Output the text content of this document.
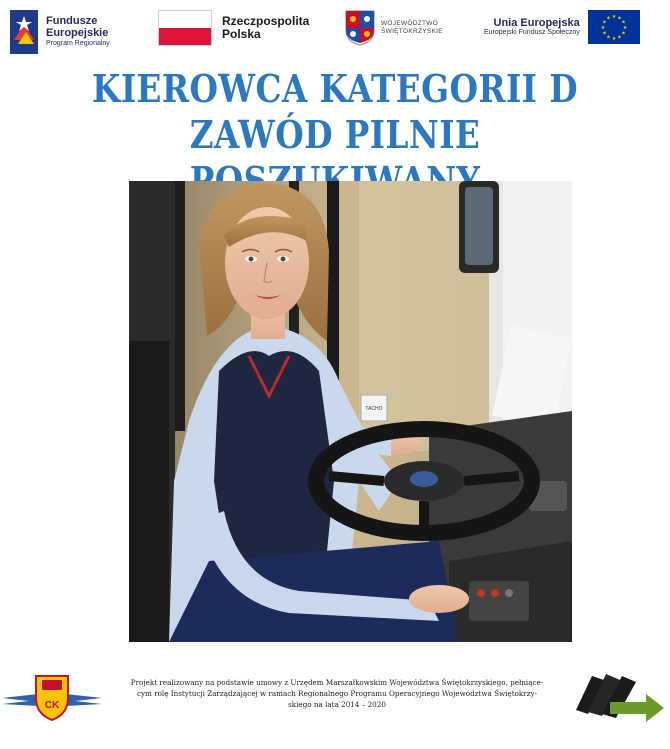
Fundusze
Europejskie
Program Regionalny
Rzeczpospolita
Polska
WOJEWÓDZTWO
ŚWIĘTOKRZYSKIE
Unia Europejska
Europejski Fundusz Społeczny
★
★
★
★
★
★
★
★
★ ★ ★
★
KIEROWCA KATEGORII D
ZAWÓD PILNIE
TACHO
CK
Projekt realizowany na podstawie umowy z Urzędem Marszałkowskim Województwa Świętokrzyskiego, pełniące-
cym rolę Instytucji Zarządzającej w ramach Regionalnego Programu Operacyjnego Województwa Świętokrzy-
skiego na lata 2014 – 2020
